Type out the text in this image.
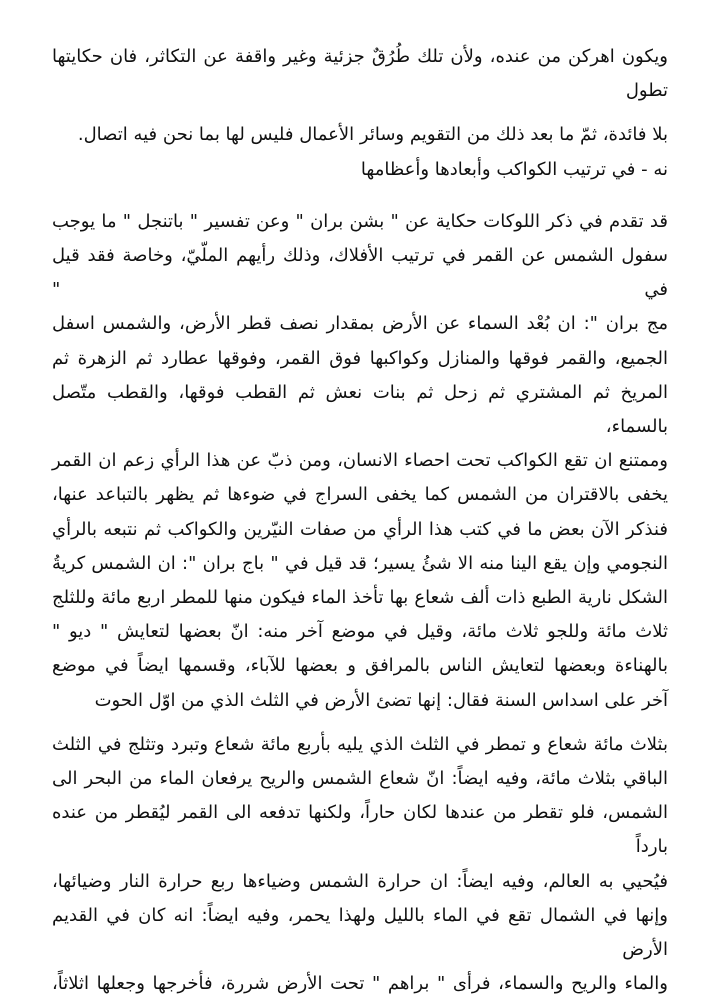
ويكون اهركن من عنده، ولأن تلك طُرُقٌ جزئية وغير واقفة عن التكاثر، فان حكايتها
تطول

بلا فائدة، ثمّ ما بعد ذلك من التقويم وسائر الأعمال فليس لها بما نحن فيه اتصال.
نه - في ترتيب الكواكب وأبعادها وأعظامها

قد تقدم في ذكر اللوكات حكاية عن " بشن بران " وعن تفسير " باتنجل " ما يوجب
سفول الشمس عن القمر في ترتيب الأفلاك، وذلك رأيهم الملّيّ، وخاصة فقد قيل في "
مج بران ": ان بُعْد السماء عن الأرض بمقدار نصف قطر الأرض، والشمس اسفل
الجميع، والقمر فوقها والمنازل وكواكبها فوق القمر، وفوقها عطارد ثم الزهرة ثم
المريخ ثم المشتري ثم زحل ثم بنات نعش ثم القطب فوقها، والقطب متّصل بالسماء،
وممتنع ان تقع الكواكب تحت احصاء الانسان، ومن ذبّ عن هذا الرأي زعم ان القمر
يخفى بالاقتران من الشمس كما يخفى السراج في ضوءها ثم يظهر بالتباعد عنها،
فنذكر الآن بعض ما في كتب هذا الرأي من صفات النيّرين والكواكب ثم نتبعه بالرأي
النجومي وإن يقع الينا منه الا شئُ يسير؛ قد قيل في " باج بران ": ان الشمس كريةُ
الشكل نارية الطبع ذات ألف شعاع بها تأخذ الماء فيكون منها للمطر اربع مائة وللثلج
ثلاث مائة وللجو ثلاث مائة، وقيل في موضع آخر منه: انّ بعضها لتعايش " ديو "
بالهناءة وبعضها لتعايش الناس بالمرافق و بعضها للآباء، وقسمها ايضاً في موضع
آخر على اسداس السنة فقال: إنها تضئ الأرض في الثلث الذي من اوّل الحوت

بثلاث مائة شعاع و تمطر في الثلث الذي يليه بأربع مائة شعاع وتبرد وتثلج في الثلث
الباقي بثلاث مائة، وفيه ايضاً: انّ شعاع الشمس والريح يرفعان الماء من البحر الى
الشمس، فلو تقطر من عندها لكان حاراً، ولكنها تدفعه الى القمر ليُقطر من عنده بارداً
فيُحيي به العالم، وفيه ايضاً: ان حرارة الشمس وضياءها ربع حرارة النار وضيائها،
وإنها في الشمال تقع في الماء بالليل ولهذا يحمر، وفيه ايضاً: انه كان في القديم الأرض
والماء والريح والسماء، فرأى " براهم " تحت الأرض شررة، فأخرجها وجعلها اثلاثاً،
